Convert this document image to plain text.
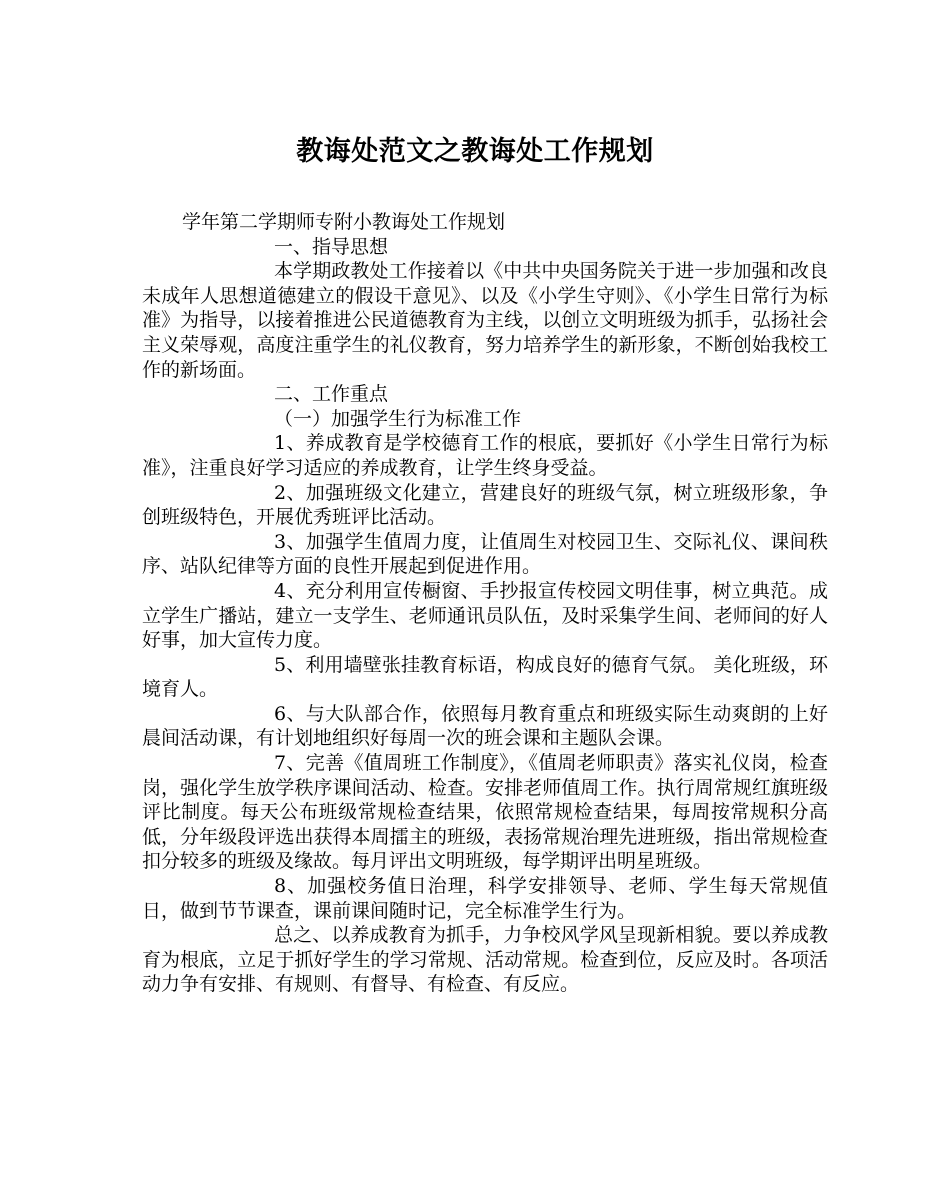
教诲处范文之教诲处工作规划

学年第二学期师专附小教诲处工作规划

一、指导思想

本学期政教处工作接着以《中共中央国务院关于进一步加强和改良未成年人思想道德建立的假设干意见》、以及《小学生守则》、《小学生日常行为标准》为指导，以接着推进公民道德教育为主线，以创立文明班级为抓手，弘扬社会主义荣辱观，高度注重学生的礼仪教育，努力培养学生的新形象，不断创始我校工作的新场面。

二、工作重点

（一）加强学生行为标准工作

1、养成教育是学校德育工作的根底，要抓好《小学生日常行为标准》，注重良好学习适应的养成教育，让学生终身受益。

2、加强班级文化建立，营建良好的班级气氛，树立班级形象，争创班级特色，开展优秀班评比活动。

3、加强学生值周力度，让值周生对校园卫生、交际礼仪、课间秩序、站队纪律等方面的良性开展起到促进作用。

4、充分利用宣传橱窗、手抄报宣传校园文明佳事，树立典范。成立学生广播站，建立一支学生、老师通讯员队伍，及时采集学生间、老师间的好人好事，加大宣传力度。

5、利用墙壁张挂教育标语，构成良好的德育气氛。 美化班级，环境育人。

6、与大队部合作，依照每月教育重点和班级实际生动爽朗的上好晨间活动课，有计划地组织好每周一次的班会课和主题队会课。

7、完善《值周班工作制度》，《值周老师职责》落实礼仪岗，检查岗，强化学生放学秩序课间活动、检查。安排老师值周工作。执行周常规红旗班级评比制度。每天公布班级常规检查结果，依照常规检查结果，每周按常规积分高低，分年级段评选出获得本周擂主的班级，表扬常规治理先进班级，指出常规检查扣分较多的班级及缘故。每月评出文明班级，每学期评出明星班级。

8、加强校务值日治理，科学安排领导、老师、学生每天常规值日，做到节节课查，课前课间随时记，完全标准学生行为。

总之、以养成教育为抓手，力争校风学风呈现新相貌。要以养成教育为根底，立足于抓好学生的学习常规、活动常规。检查到位，反应及时。各项活动力争有安排、有规则、有督导、有检查、有反应。
